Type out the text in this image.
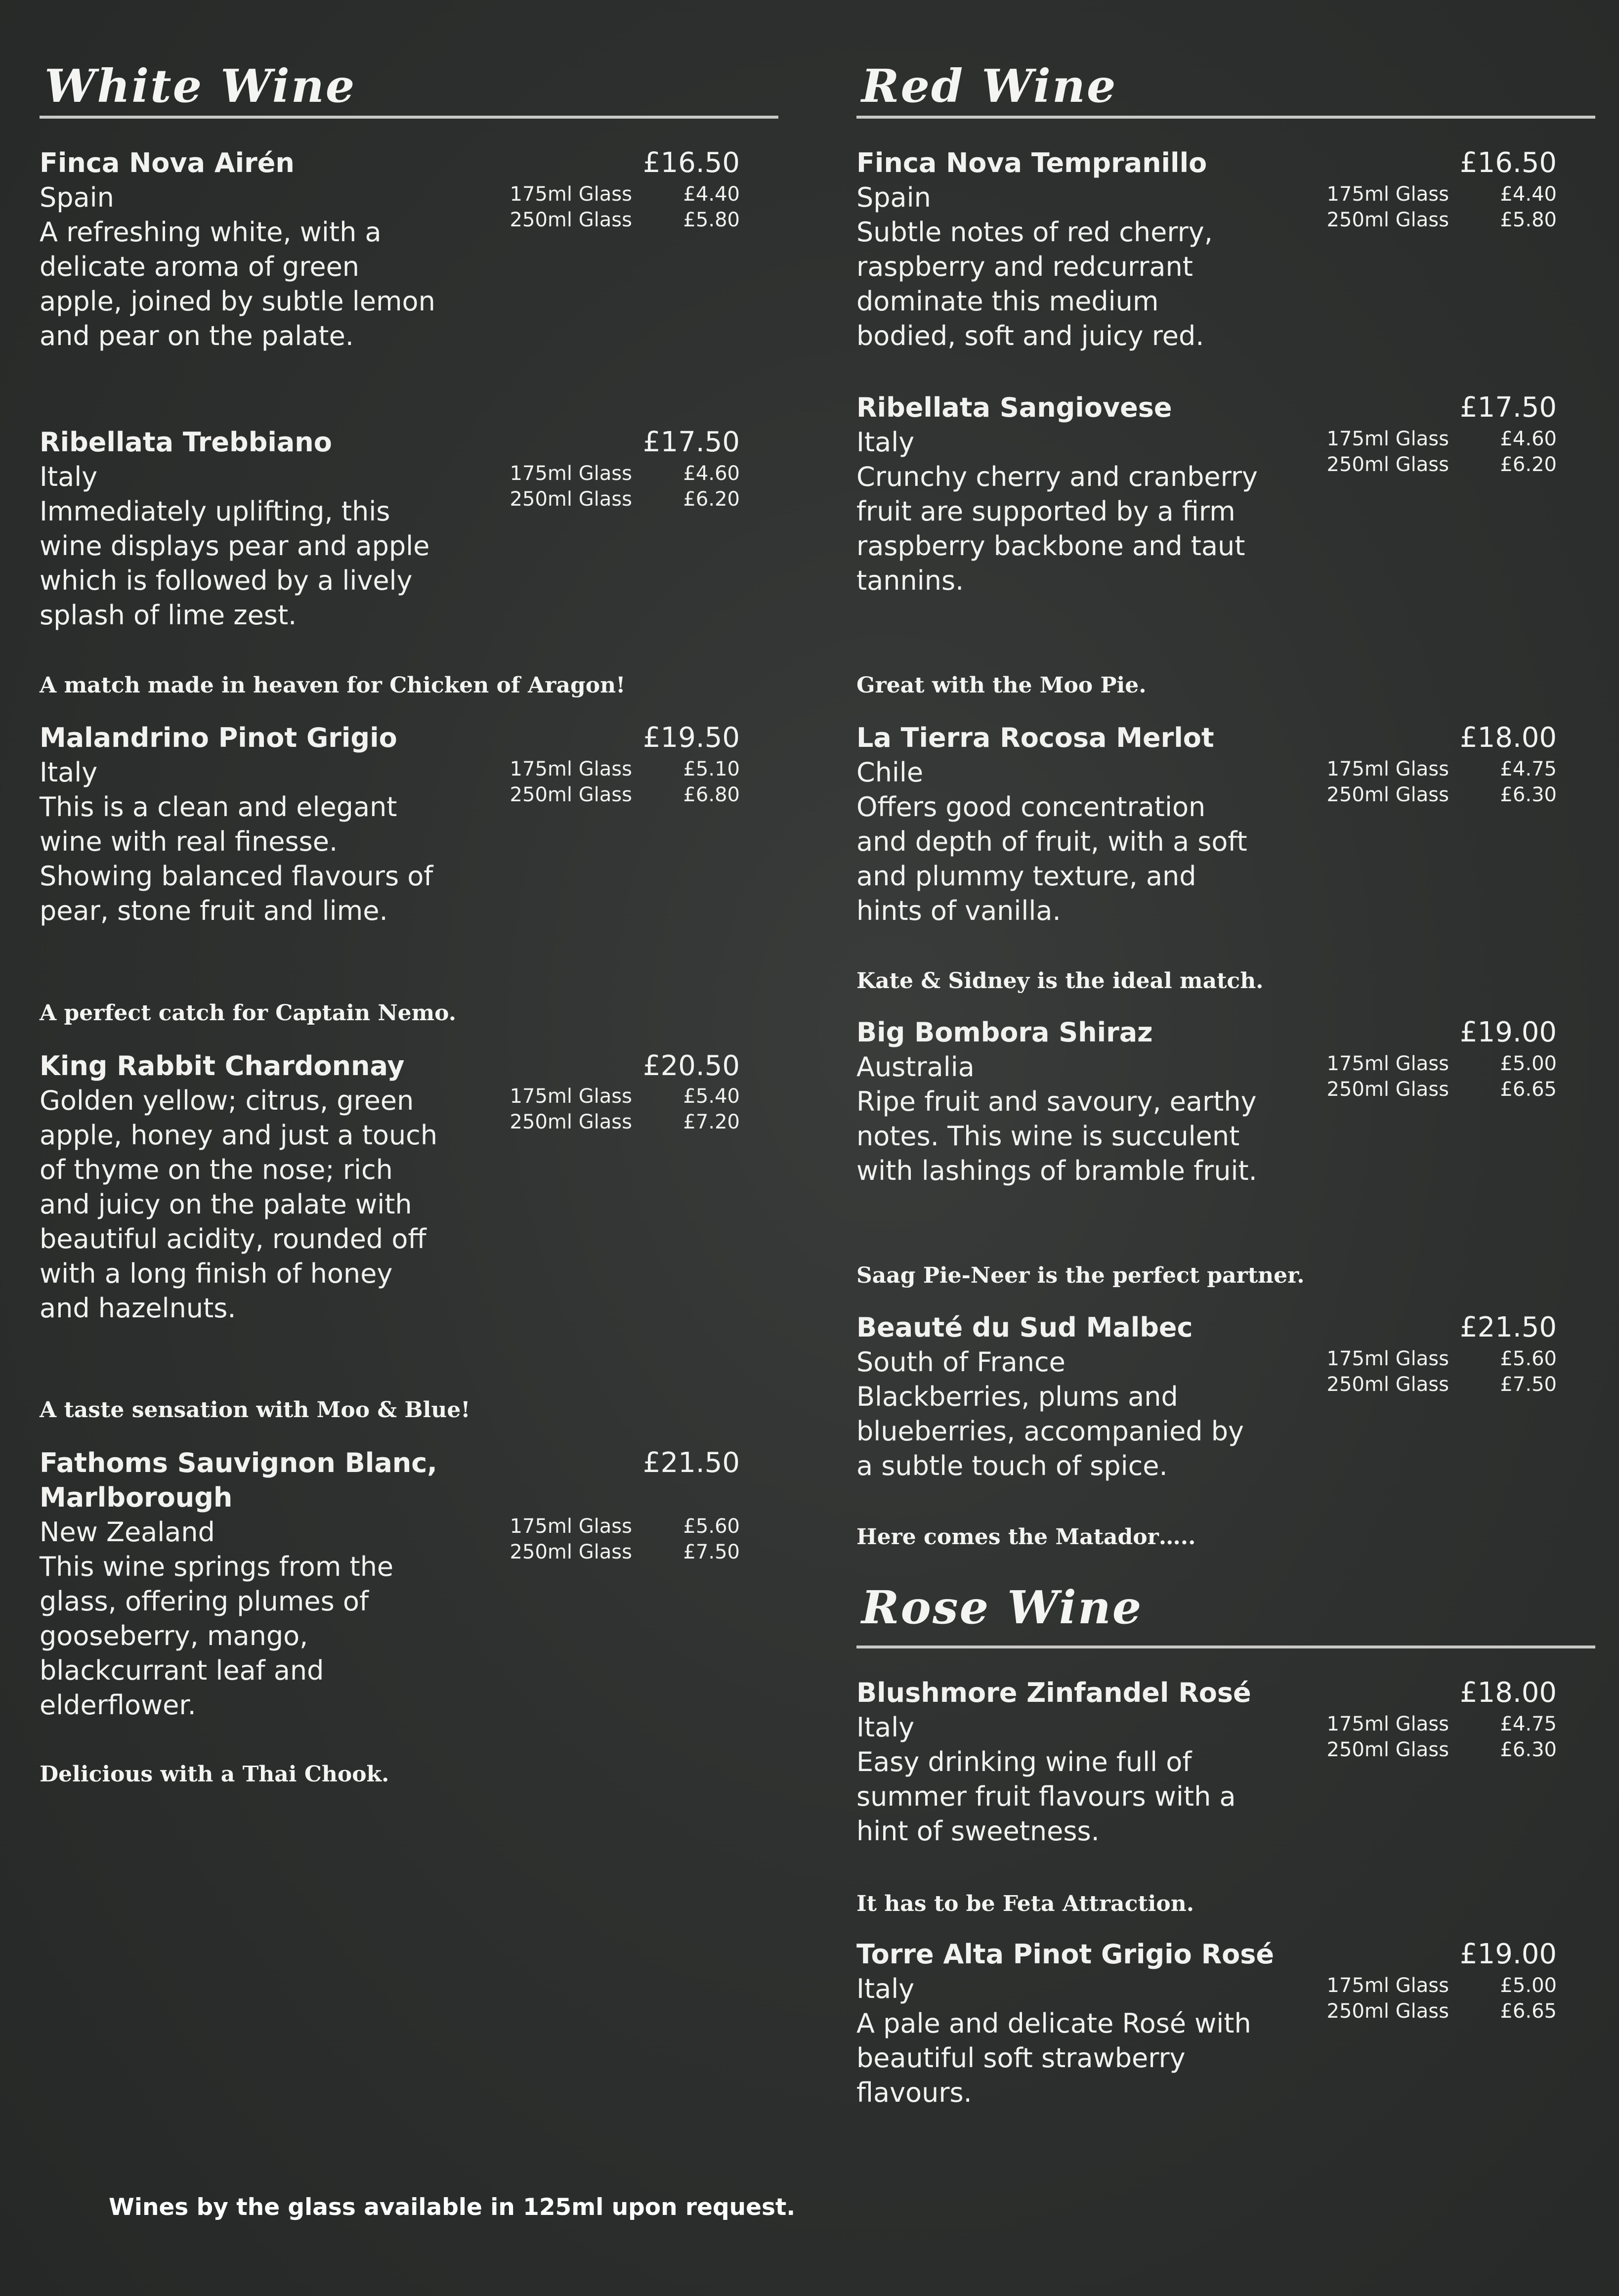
White Wine
Finca Nova Airén	£16.50
Spain
A refreshing white, with a delicate aroma of green apple, joined by subtle lemon and pear on the palate.
175ml Glass	£4.40
250ml Glass	£5.80
Ribellata Trebbiano	£17.50
Italy
Immediately uplifting, this wine displays pear and apple which is followed by a lively splash of lime zest.
175ml Glass	£4.60
250ml Glass	£6.20
A match made in heaven for Chicken of Aragon!
Malandrino Pinot Grigio	£19.50
Italy
This is a clean and elegant wine with real finesse. Showing balanced flavours of pear, stone fruit and lime.
175ml Glass	£5.10
250ml Glass	£6.80
A perfect catch for Captain Nemo.
King Rabbit Chardonnay	£20.50
Golden yellow; citrus, green apple, honey and just a touch of thyme on the nose; rich and juicy on the palate with beautiful acidity, rounded off with a long finish of honey and hazelnuts.
175ml Glass	£5.40
250ml Glass	£7.20
A taste sensation with Moo & Blue!
Fathoms Sauvignon Blanc, Marlborough
£21.50
New Zealand
This wine springs from the glass, offering plumes of gooseberry, mango, blackcurrant leaf and elderflower.
175ml Glass	£5.60
250ml Glass	£7.50
Delicious with a Thai Chook.
Red Wine
Finca Nova Tempranillo	£16.50
Spain
Subtle notes of red cherry, raspberry and redcurrant dominate this medium bodied, soft and juicy red.
175ml Glass	£4.40
250ml Glass	£5.80
Ribellata Sangiovese	£17.50
Italy
Crunchy cherry and cranberry fruit are supported by a firm raspberry backbone and taut tannins.
175ml Glass	£4.60
250ml Glass	£6.20
Great with the Moo Pie.
La Tierra Rocosa Merlot	£18.00
Chile
Offers good concentration and depth of fruit, with a soft and plummy texture, and hints of vanilla.
175ml Glass	£4.75
250ml Glass	£6.30
Kate & Sidney is the ideal match.
Big Bombora Shiraz	£19.00
Australia
Ripe fruit and savoury, earthy notes. This wine is succulent with lashings of bramble fruit.
175ml Glass	£5.00
250ml Glass	£6.65
Saag Pie-Neer is the perfect partner.
Beauté du Sud Malbec	£21.50
South of France
Blackberries, plums and blueberries, accompanied by a subtle touch of spice.
175ml Glass	£5.60
250ml Glass	£7.50
Here comes the Matador…..
Rose Wine
Blushmore Zinfandel Rosé	£18.00
Italy
Easy drinking wine full of summer fruit flavours with a hint of sweetness.
175ml Glass	£4.75
250ml Glass	£6.30
It has to be Feta Attraction.
Torre Alta Pinot Grigio Rosé	£19.00
Italy
A pale and delicate Rosé with beautiful soft strawberry flavours.
175ml Glass	£5.00
250ml Glass	£6.65
Wines by the glass available in 125ml upon request.
